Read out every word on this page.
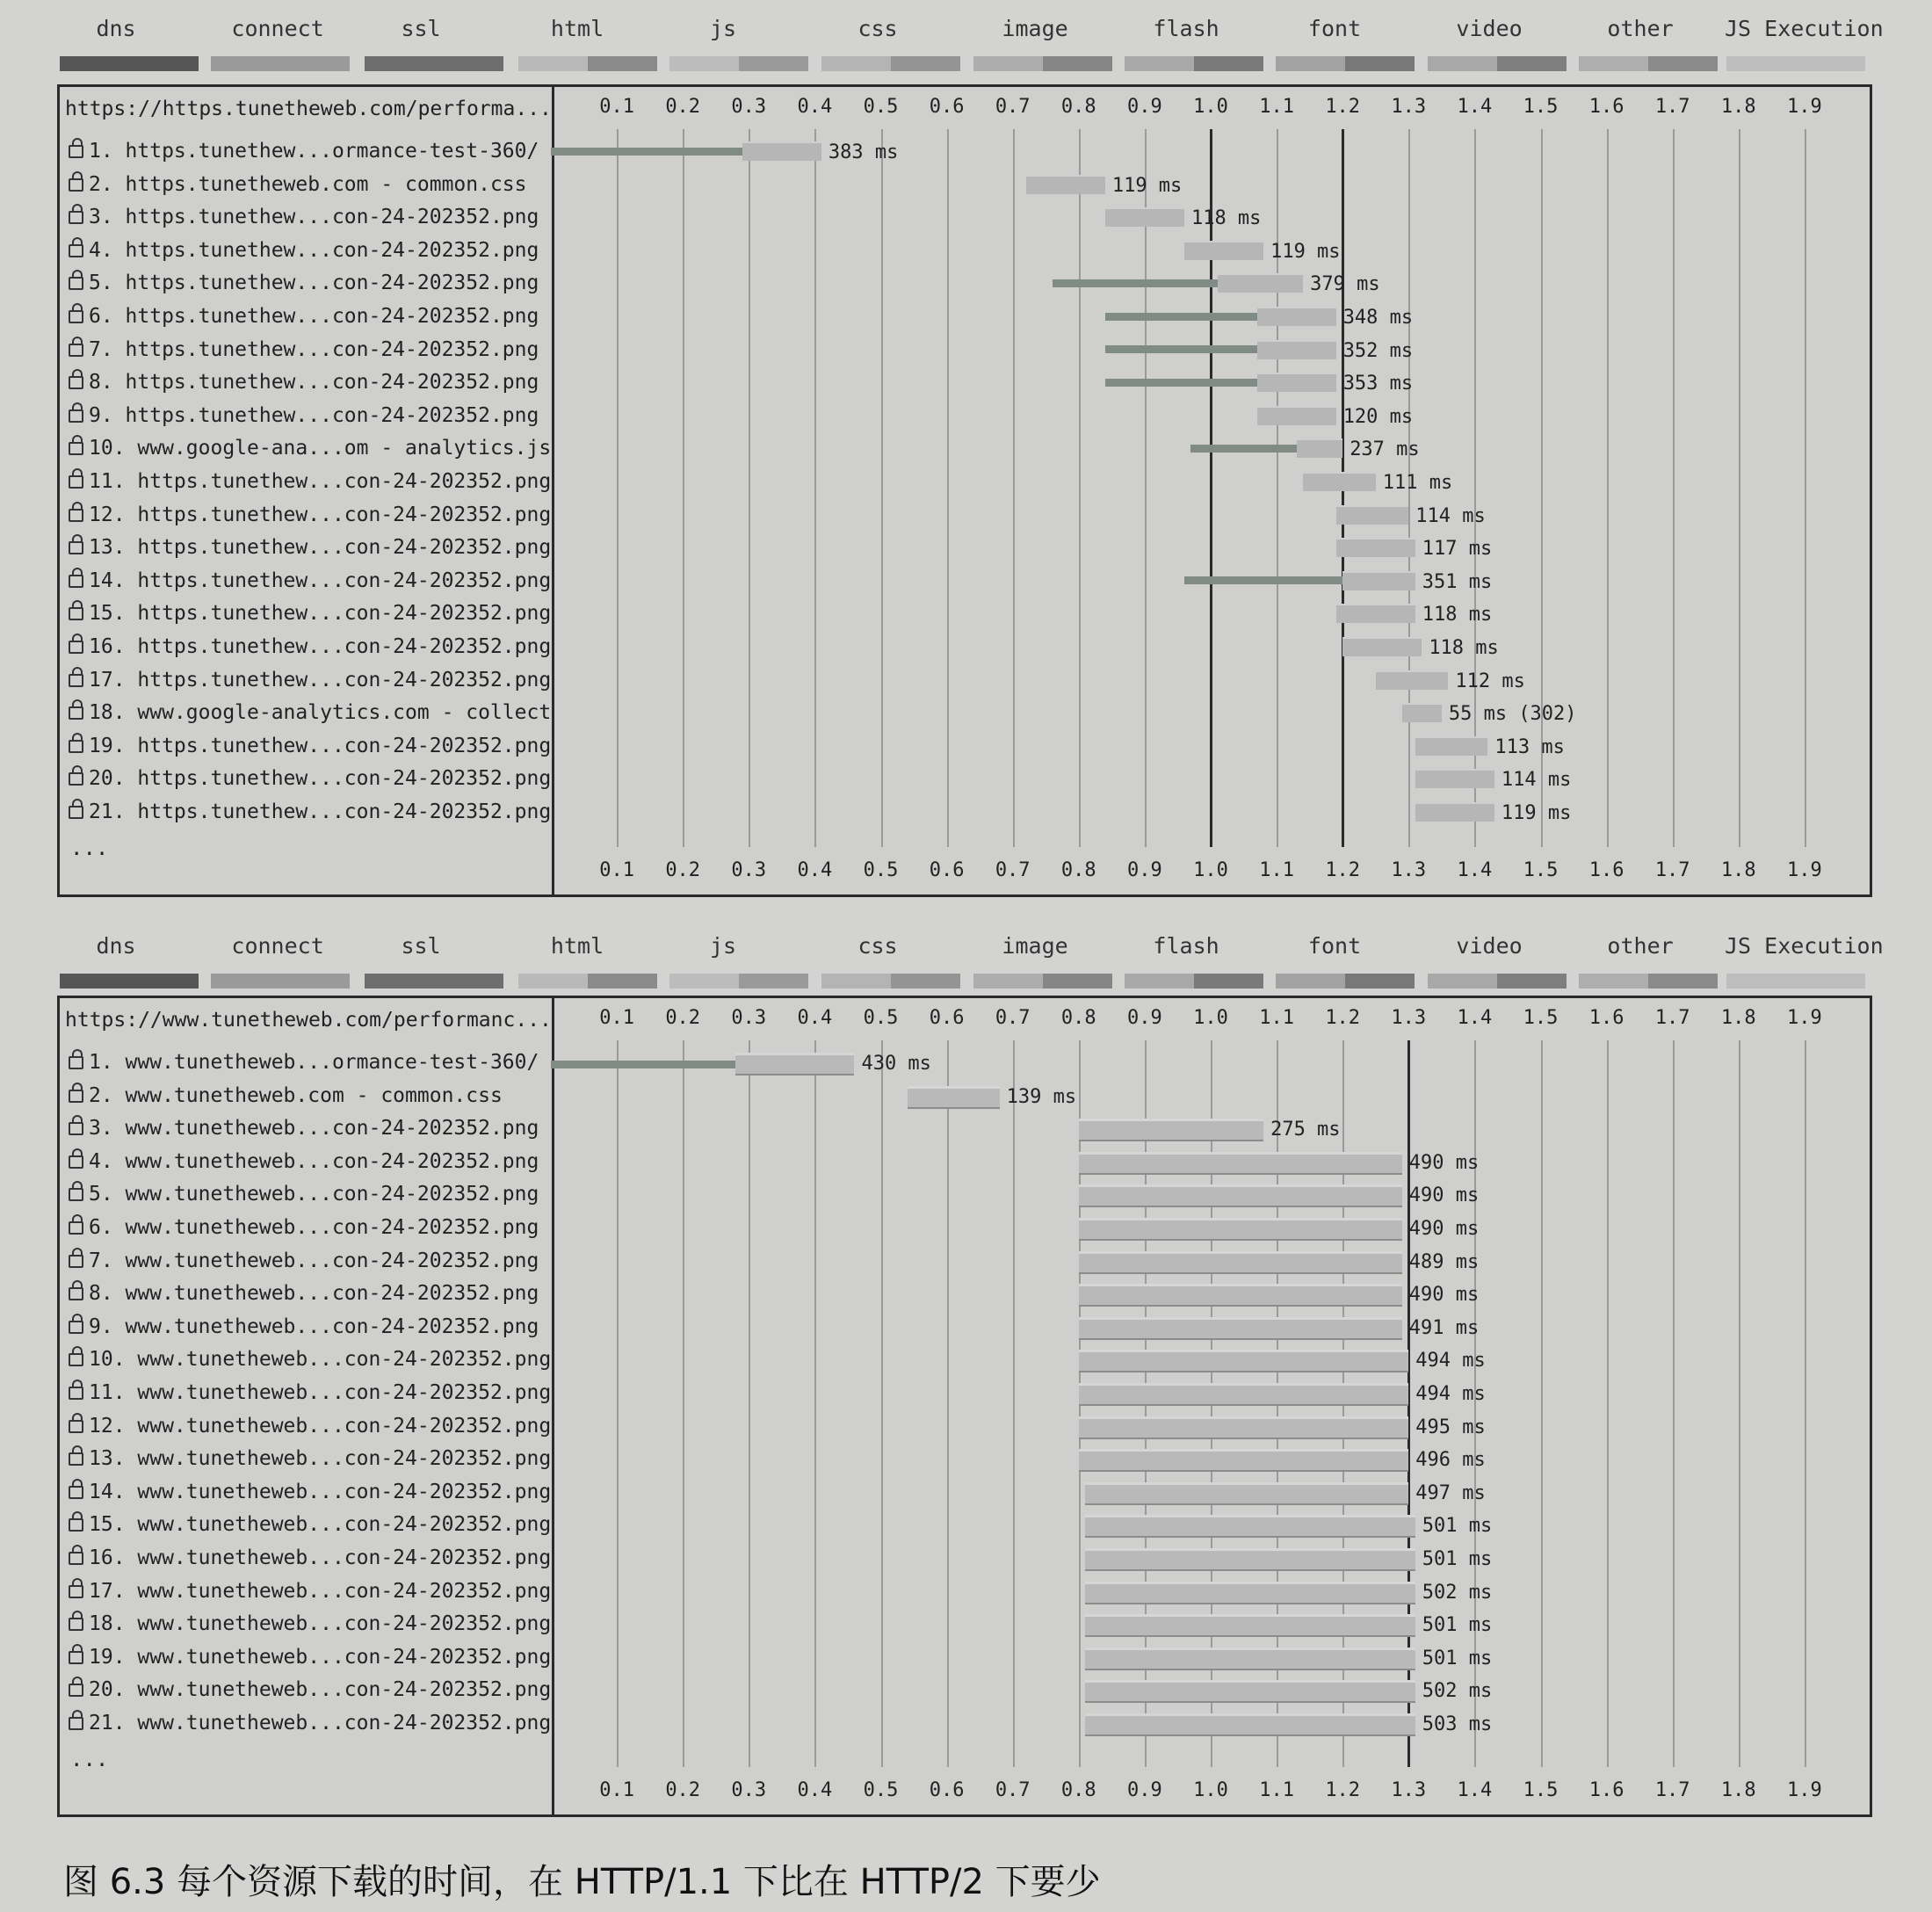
dns	connect	ssl	html	js	css	image	flash	font	video	other JS Execution
dns	connect	ssl	html	js	css	image	flash	font	video	other JS Execution
https://https.tunetheweb.com/performa...	0.1	0.2	0.3	0.4	0.5	0.6	0.7	0.8	0.9	1.0	1.1	1.2	1.3	1.4	1.5	1.6	1.7	1.8	1.9
0.1	0.2	0.3	0.4	0.5	0.6	0.7	0.8	0.9	1.0	1.1	1.2	1.3	1.4	1.5	1.6	1.7	1.8	1.9
1. https.tunethew...ormance-test-360/	383 ms
2. https.tunetheweb.com - common.css	119 ms
3. https.tunethew...con-24-202352.png	118 ms
4. https.tunethew...con-24-202352.png	119 ms
5. https.tunethew...con-24-202352.png	379 ms
6. https.tunethew...con-24-202352.png	348 ms
7. https.tunethew...con-24-202352.png	352 ms
8. https.tunethew...con-24-202352.png	353 ms
9. https.tunethew...con-24-202352.png	120 ms
10. www.google-ana...om - analytics.js	237 ms
11. https.tunethew...con-24-202352.png	111 ms
12. https.tunethew...con-24-202352.png	114 ms
13. https.tunethew...con-24-202352.png	117 ms
14. https.tunethew...con-24-202352.png	351 ms
15. https.tunethew...con-24-202352.png	118 ms
16. https.tunethew...con-24-202352.png	118 ms
17. https.tunethew...con-24-202352.png	112 ms
18. www.google-analytics.com - collect	55 ms (302)
19. https.tunethew...con-24-202352.png	113 ms
20. https.tunethew...con-24-202352.png	114 ms
21. https.tunethew...con-24-202352.png	119 ms
...
https://www.tunetheweb.com/performanc...	0.1	0.2	0.3	0.4	0.5	0.6	0.7	0.8	0.9	1.0	1.1	1.2	1.3	1.4	1.5	1.6	1.7	1.8	1.9
0.1	0.2	0.3	0.4	0.5	0.6	0.7	0.8	0.9	1.0	1.1	1.2	1.3	1.4	1.5	1.6	1.7	1.8	1.9
1. www.tunetheweb...ormance-test-360/	430 ms
2. www.tunetheweb.com - common.css	139 ms
3. www.tunetheweb...con-24-202352.png	275 ms
4. www.tunetheweb...con-24-202352.png	490 ms
5. www.tunetheweb...con-24-202352.png	490 ms
6. www.tunetheweb...con-24-202352.png	490 ms
7. www.tunetheweb...con-24-202352.png	489 ms
8. www.tunetheweb...con-24-202352.png	490 ms
9. www.tunetheweb...con-24-202352.png	491 ms
10. www.tunetheweb...con-24-202352.png	494 ms
11. www.tunetheweb...con-24-202352.png	494 ms
12. www.tunetheweb...con-24-202352.png	495 ms
13. www.tunetheweb...con-24-202352.png	496 ms
14. www.tunetheweb...con-24-202352.png	497 ms
15. www.tunetheweb...con-24-202352.png	501 ms
16. www.tunetheweb...con-24-202352.png	501 ms
17. www.tunetheweb...con-24-202352.png	502 ms
18. www.tunetheweb...con-24-202352.png	501 ms
19. www.tunetheweb...con-24-202352.png	501 ms
20. www.tunetheweb...con-24-202352.png	502 ms
21. www.tunetheweb...con-24-202352.png	503 ms
...
图 6.3 每个资源下载的时间，在 HTTP/1.1 下比在 HTTP/2 下要少
